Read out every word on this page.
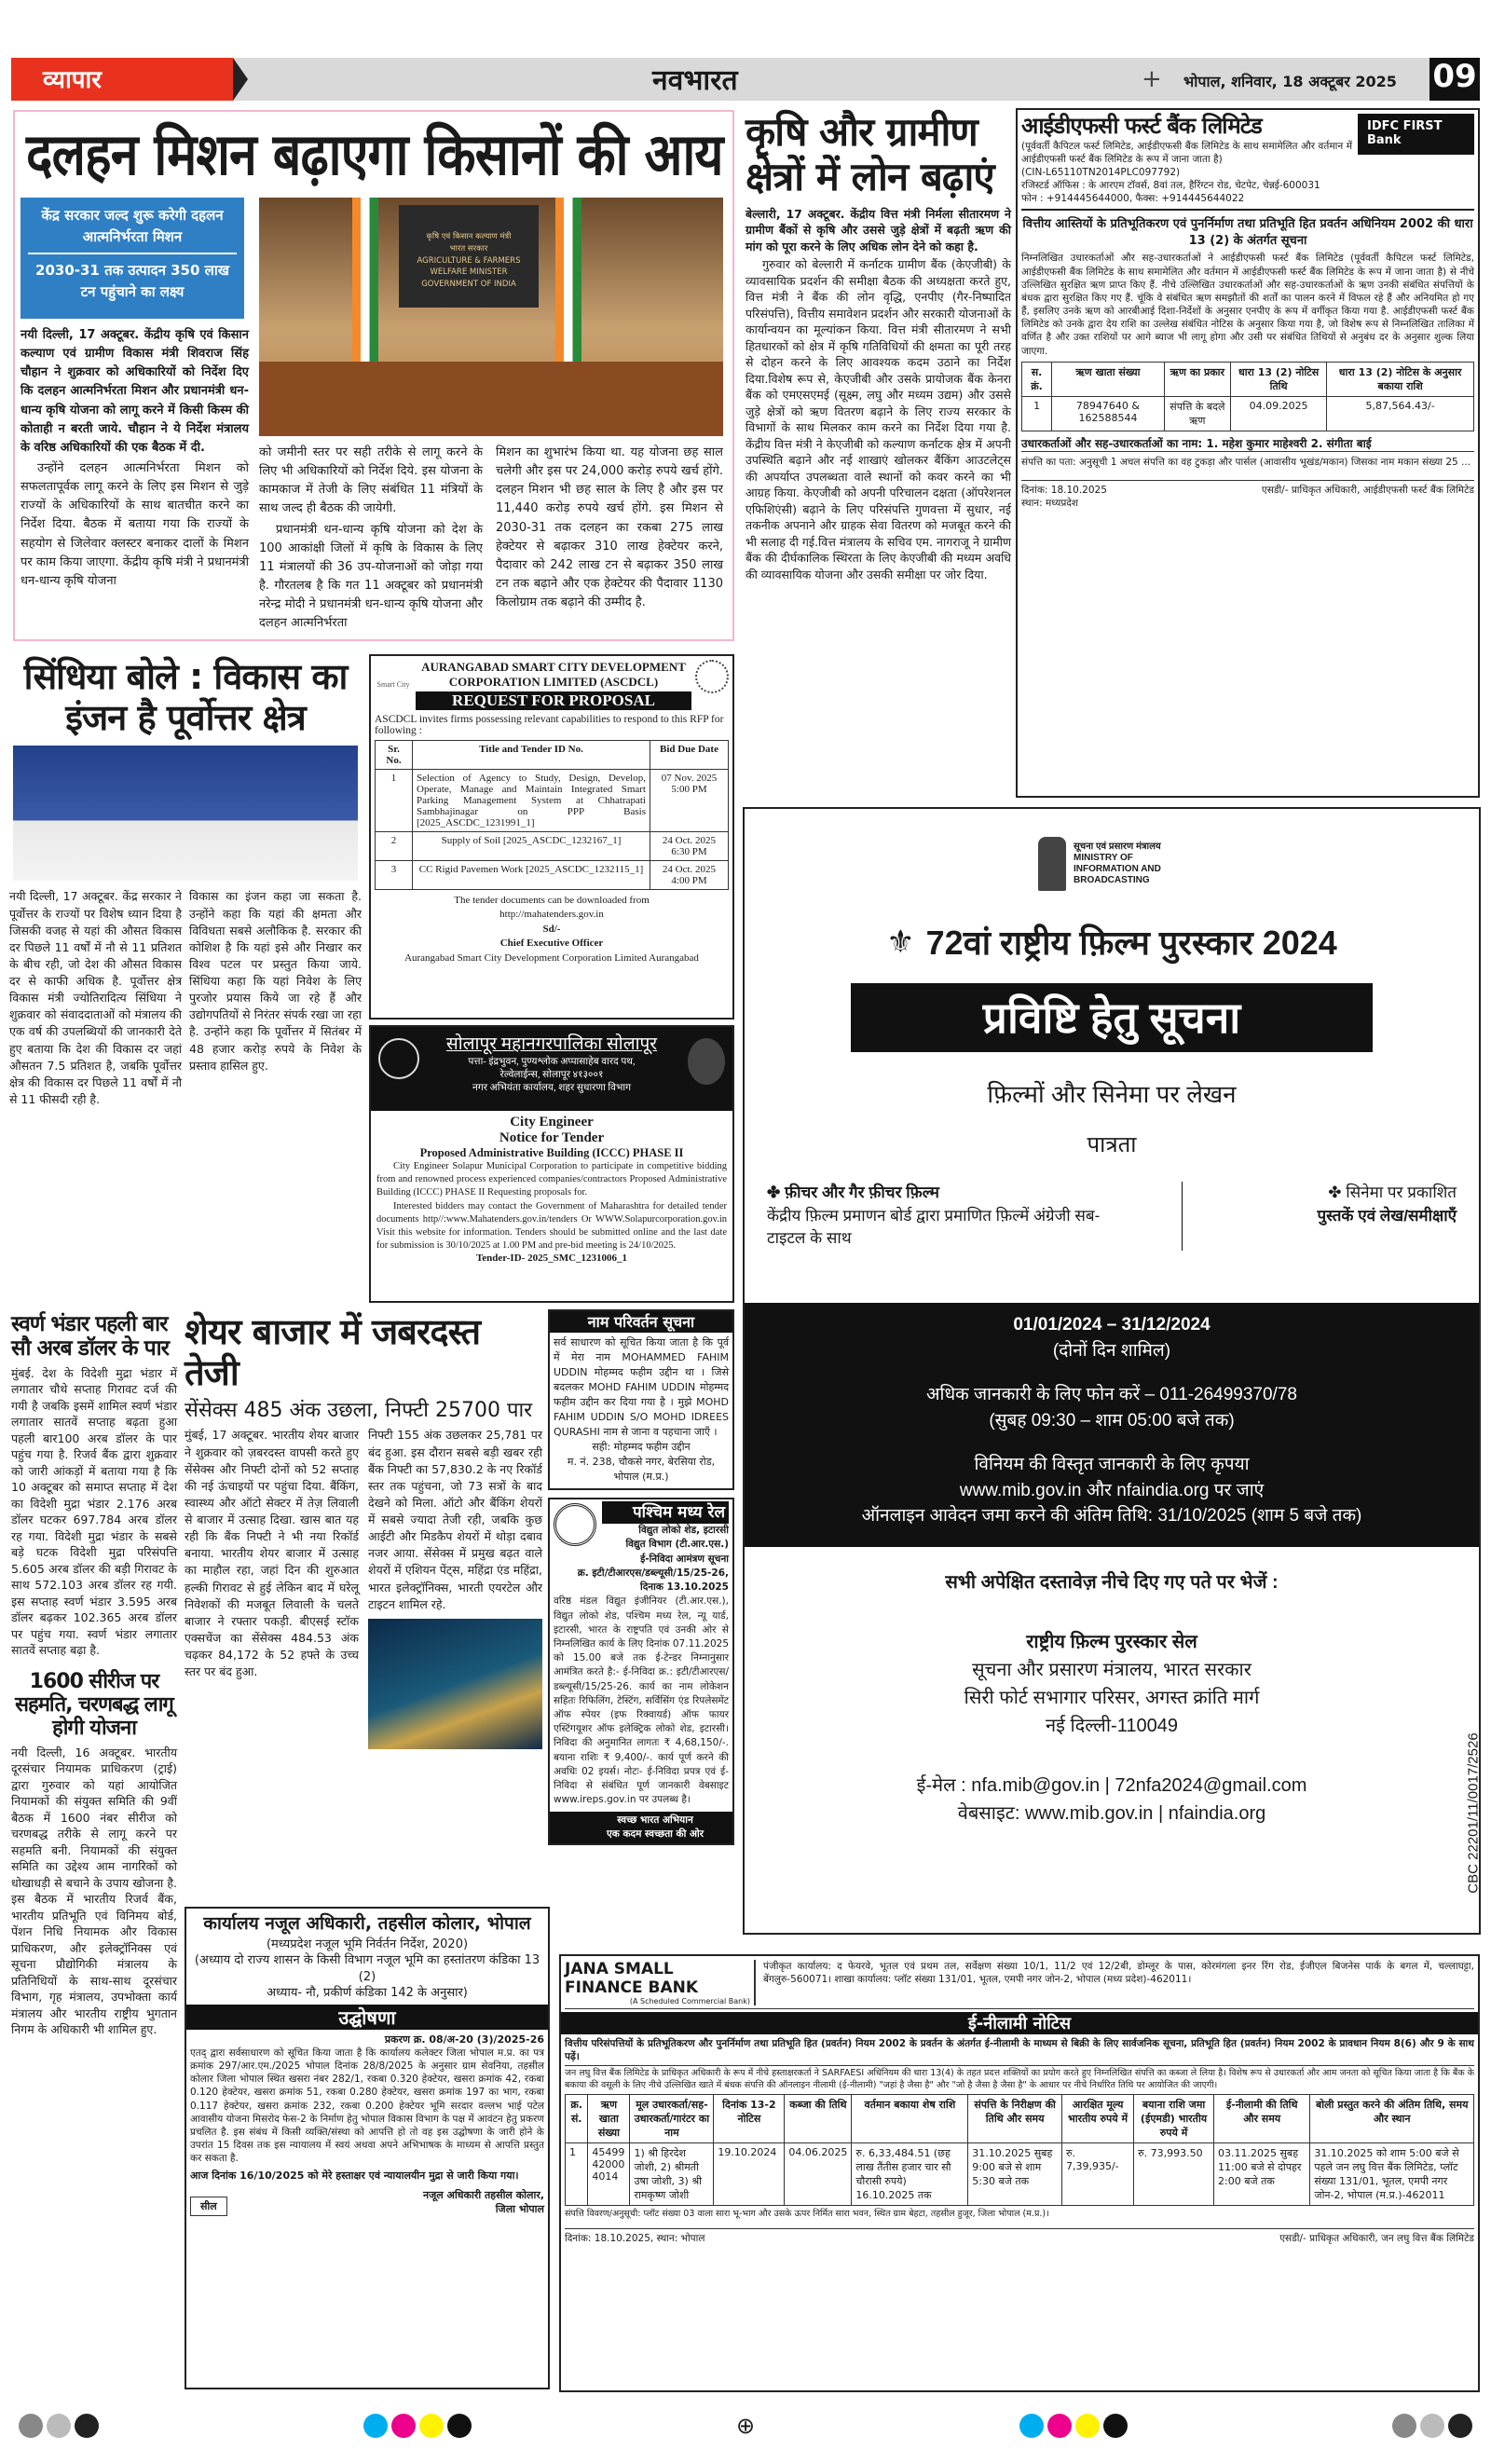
व्यापार	नवभारत	+ भोपाल, शनिवार, 18 अक्टूबर 2025 09
दलहन मिशन बढ़ाएगा किसानों की आय
केंद्र सरकार जल्द शुरू करेगी दहलन आत्मनिर्भरता मिशन
2030-31 तक उत्पादन 350 लाख टन पहुंचाने का लक्ष्य
कृषि एवं किसान कल्याण मंत्री
भारत सरकार
AGRICULTURE & FARMERS WELFARE MINISTER
GOVERNMENT OF INDIA

नयी दिल्ली, 17 अक्टूबर. केंद्रीय कृषि एवं किसान कल्याण एवं ग्रामीण विकास मंत्री शिवराज सिंह चौहान ने शुक्रवार को अधिकारियों को निर्देश दिए कि दलहन आत्मनिर्भरता मिशन और प्रधानमंत्री धन-धान्य कृषि योजना को लागू करने में किसी किस्म की कोताही न बरती जाये. चौहान ने ये निर्देश मंत्रालय के वरिष्ठ अधिकारियों की एक बैठक में दी.

उन्होंने दलहन आत्मनिर्भरता मिशन को सफलतापूर्वक लागू करने के लिए इस मिशन से जुड़े राज्यों के अधिकारियों के साथ बातचीत करने का निर्देश दिया. बैठक में बताया गया कि राज्यों के सहयोग से जिलेवार क्लस्टर बनाकर दालों के मिशन पर काम किया जाएगा. केंद्रीय कृषि मंत्री ने प्रधानमंत्री धन-धान्य कृषि योजना

को जमीनी स्तर पर सही तरीके से लागू करने के लिए भी अधिकारियों को निर्देश दिये. इस योजना के कामकाज में तेजी के लिए संबंधित 11 मंत्रियों के साथ जल्द ही बैठक की जायेगी.

प्रधानमंत्री धन-धान्य कृषि योजना को देश के 100 आकांक्षी जिलों में कृषि के विकास के लिए 11 मंत्रालयों की 36 उप-योजनाओं को जोड़ा गया है. गौरतलब है कि गत 11 अक्टूबर को प्रधानमंत्री नरेन्द्र मोदी ने प्रधानमंत्री धन-धान्य कृषि योजना और दलहन आत्मनिर्भरता

मिशन का शुभारंभ किया था. यह योजना छह साल चलेगी और इस पर 24,000 करोड़ रुपये खर्च होंगे. दलहन मिशन भी छह साल के लिए है और इस पर 11,440 करोड़ रुपये खर्च होंगे. इस मिशन से 2030-31 तक दलहन का रकबा 275 लाख हेक्टेयर से बढ़ाकर 310 लाख हेक्टेयर करने, पैदावार को 242 लाख टन से बढ़ाकर 350 लाख टन तक बढ़ाने और एक हेक्टेयर की पैदावार 1130 किलोग्राम तक बढ़ाने की उम्मीद है.

कृषि और ग्रामीण क्षेत्रों में लोन बढ़ाएं

बेल्लारी, 17 अक्टूबर. केंद्रीय वित्त मंत्री निर्मला सीतारमण ने ग्रामीण बैंकों से कृषि और उससे जुड़े क्षेत्रों में बढ़ती ऋण की मांग को पूरा करने के लिए अधिक लोन देने को कहा है.

गुरुवार को बेल्लारी में कर्नाटक ग्रामीण बैंक (केएजीबी) के व्यावसायिक प्रदर्शन की समीक्षा बैठक की अध्यक्षता करते हुए, वित्त मंत्री ने बैंक की लोन वृद्धि, एनपीए (गैर-निष्पादित परिसंपत्ति), वित्तीय समावेशन प्रदर्शन और सरकारी योजनाओं के कार्यान्वयन का मूल्यांकन किया. वित्त मंत्री सीतारमण ने सभी हितधारकों को क्षेत्र में कृषि गतिविधियों की क्षमता का पूरी तरह से दोहन करने के लिए आवश्यक कदम उठाने का निर्देश दिया.विशेष रूप से, केएजीबी और उसके प्रायोजक बैंक केनरा बैंक को एमएसएमई (सूक्ष्म, लघु और मध्यम उद्यम) और उससे जुड़े क्षेत्रों को ऋण वितरण बढ़ाने के लिए राज्य सरकार के विभागों के साथ मिलकर काम करने का निर्देश दिया गया है. केंद्रीय वित्त मंत्री ने केएजीबी को कल्याण कर्नाटक क्षेत्र में अपनी उपस्थिति बढ़ाने और नई शाखाएं खोलकर बैंकिंग आउटलेट्स की अपर्याप्त उपलब्धता वाले स्थानों को कवर करने का भी आग्रह किया. केएजीबी को अपनी परिचालन दक्षता (ऑपरेशनल एफिशिएंसी) बढ़ाने के लिए परिसंपत्ति गुणवत्ता में सुधार, नई तकनीक अपनाने और ग्राहक सेवा वितरण को मजबूत करने की भी सलाह दी गई.वित्त मंत्रालय के सचिव एम. नागराजू ने ग्रामीण बैंक की दीर्घकालिक स्थिरता के लिए केएजीबी की मध्यम अवधि की व्यावसायिक योजना और उसकी समीक्षा पर जोर दिया.

आईडीएफसी फर्स्ट बैंक लिमिटेड
(पूर्ववर्ती कैपिटल फर्स्ट लिमिटेड, आईडीएफसी बैंक लिमिटेड के साथ समामेलित और वर्तमान में आईडीएफसी फर्स्ट बैंक लिमिटेड के रूप में जाना जाता है)
(CIN-L65110TN2014PLC097792)
रजिस्टर्ड ऑफिस : के आरएम टॉवर्स, 8वां तल, हैरिंग्टन रोड, चेटपेट, चेन्नई-600031
फोन : +914445644000, फैक्स: +914445644022
IDFC FIRST Bank
वित्तीय आस्तियों के प्रतिभूतिकरण एवं पुनर्निर्माण तथा प्रतिभूति हित प्रवर्तन अधिनियम 2002 की धारा 13 (2) के अंतर्गत सूचना
निम्नलिखित उधारकर्ताओं और सह-उधारकर्ताओं ने आईडीएफसी फर्स्ट बैंक लिमिटेड (पूर्ववर्ती कैपिटल फर्स्ट लिमिटेड, आईडीएफसी बैंक लिमिटेड के साथ समामेलित और वर्तमान में आईडीएफसी फर्स्ट बैंक लिमिटेड के रूप में जाना जाता है) से नीचे उल्लिखित सुरक्षित ऋण प्राप्त किए हैं. नीचे उल्लिखित उधारकर्ताओं और सह-उधारकर्ताओं के ऋण उनकी संबंधित संपत्तियों के बंधक द्वारा सुरक्षित किए गए हैं. चूंकि वे संबंधित ऋण समझौतों की शर्तों का पालन करने में विफल रहे हैं और अनियमित हो गए हैं, इसलिए उनके ऋण को आरबीआई दिशा-निर्देशों के अनुसार एनपीए के रूप में वर्गीकृत किया गया है. आईडीएफसी फर्स्ट बैंक लिमिटेड को उनके द्वारा देय राशि का उल्लेख संबंधित नोटिस के अनुसार किया गया है, जो विशेष रूप से निम्नलिखित तालिका में वर्णित है और उक्त राशियों पर आगे ब्याज भी लागू होगा और उसी पर संबंधित तिथियों से अनुबंध दर के अनुसार शुल्क लिया जाएगा.
स. क्रं.	ऋण खाता संख्या	ऋण का प्रकार	धारा 13 (2) नोटिस तिथि	धारा 13 (2) नोटिस के अनुसार बकाया राशि
1	78947640 & 162588544	संपत्ति के बदले ऋण	04.09.2025	5,87,564.43/-
उधारकर्ताओं और सह-उधारकर्ताओं का नाम: 1. महेश कुमार माहेश्वरी 2. संगीता बाई
संपत्ति का पता: अनुसूची 1 अचल संपत्ति का वह टुकड़ा और पार्सल (आवासीय भूखंड/मकान) जिसका नाम मकान संख्या 25 ...
दिनांक: 18.10.2025
स्थान: मध्यप्रदेश
एसडी/- प्राधिकृत अधिकारी, आईडीएफसी फर्स्ट बैंक लिमिटेड
सिंधिया बोले : विकास का इंजन है पूर्वोत्तर क्षेत्र
नयी दिल्ली, 17 अक्टूबर. केंद्र सरकार ने पूर्वोत्तर के राज्यों पर विशेष ध्यान दिया है जिसकी वजह से यहां की औसत विकास दर पिछले 11 वर्षों में नौ से 11 प्रतिशत के बीच रही, जो देश की औसत विकास दर से काफी अधिक है. पूर्वोत्तर क्षेत्र विकास मंत्री ज्योतिरादित्य सिंधिया ने शुक्रवार को संवाददाताओं को मंत्रालय की एक वर्ष की उपलब्धियों की जानकारी देते हुए बताया कि देश की विकास दर जहां औसतन 7.5 प्रतिशत है, जबकि पूर्वोत्तर क्षेत्र की विकास दर पिछले 11 वर्षों में नौ से 11 फीसदी रही है.
विकास का इंजन कहा जा सकता है. उन्होंने कहा कि यहां की क्षमता और विविधता सबसे अलौकिक है. सरकार की कोशिश है कि यहां इसे और निखार कर विश्व पटल पर प्रस्तुत किया जाये. सिंधिया कहा कि यहां निवेश के लिए पुरजोर प्रयास किये जा रहे हैं और उद्योगपतियों से निरंतर संपर्क रखा जा रहा है. उन्होंने कहा कि पूर्वोत्तर में सितंबर में 48 हजार करोड़ रुपये के निवेश के प्रस्ताव हासिल हुए.
Smart City
AURANGABAD SMART CITY DEVELOPMENT CORPORATION LIMITED (ASCDCL)
REQUEST FOR PROPOSAL
ASCDCL invites firms possessing relevant capabilities to respond to this RFP for following :
Sr. No.	Title and Tender ID No.	Bid Due Date
1	Selection of Agency to Study, Design, Develop, Operate, Manage and Maintain Integrated Smart Parking Management System at Chhatrapati Sambhajinagar on PPP Basis [2025_ASCDC_1231991_1]	07 Nov. 2025 5:00 PM
2	Supply of Soil [2025_ASCDC_1232167_1]	24 Oct. 2025 6:30 PM
3	CC Rigid Pavemen Work [2025_ASCDC_1232115_1]	24 Oct. 2025 4:00 PM
The tender documents can be downloaded from
http://mahatenders.gov.in
Sd/-
Chief Executive Officer
Aurangabad Smart City Development Corporation Limited Aurangabad
सोलापूर महानगरपालिका सोलापूर
पत्ता- इंद्रभुवन, पुण्यश्लोक अप्पासाहेब वारद पथ,
रेल्वेलाईन्स, सोलापूर ४१३००१
नगर अभियंता कार्यालय, शहर सुधारणा विभाग
City Engineer
Notice for Tender
Proposed Administrative Building (ICCC) PHASE II
City Engineer Solapur Municipal Corporation to participate in competitive bidding from and renowned process experienced companies/contractors Proposed Administrative Building (ICCC) PHASE II Requesting proposals for.
Interested bidders may contact the Government of Maharashtra for detailed tender documents http//:www.Mahatenders.gov.in/tenders Or WWW.Solapurcorporation.gov.in Visit this website for information. Tenders should be submitted online and the last date for submission is 30/10/2025 at 1.00 PM and pre-bid meeting is 24/10/2025.
Tender-ID- 2025_SMC_1231006_1
सूचना एवं प्रसारण मंत्रालय
MINISTRY OF INFORMATION AND BROADCASTING
⚜ 72वां राष्ट्रीय फ़िल्म पुरस्कार 2024
प्रविष्टि हेतु सूचना
फ़िल्मों और सिनेमा पर लेखन
पात्रता
✤ फ़ीचर और गैर फ़ीचर फ़िल्म
केंद्रीय फ़िल्म प्रमाणन बोर्ड द्वारा प्रमाणित फ़िल्में अंग्रेजी सब-टाइटल के साथ
✤ सिनेमा पर प्रकाशित
पुस्तकें एवं लेख/समीक्षाएँ
01/01/2024 – 31/12/2024
(दोनों दिन शामिल)
अधिक जानकारी के लिए फोन करें – 011-26499370/78
(सुबह 09:30 – शाम 05:00 बजे तक)
विनियम की विस्तृत जानकारी के लिए कृपया
www.mib.gov.in और nfaindia.org पर जाएं
ऑनलाइन आवेदन जमा करने की अंतिम तिथि: 31/10/2025 (शाम 5 बजे तक)
सभी अपेक्षित दस्तावेज़ नीचे दिए गए पते पर भेजें :
राष्ट्रीय फ़िल्म पुरस्कार सेल
सूचना और प्रसारण मंत्रालय, भारत सरकार
सिरी फोर्ट सभागार परिसर, अगस्त क्रांति मार्ग
नई दिल्ली-110049
ई-मेल : nfa.mib@gov.in | 72nfa2024@gmail.com
वेबसाइट: www.mib.gov.in | nfaindia.org	CBC 22201/11/0017/2526
स्वर्ण भंडार पहली बार सौ अरब डॉलर के पार
मुंबई. देश के विदेशी मुद्रा भंडार में लगातार चौथे सप्ताह गिरावट दर्ज की गयी है जबकि इसमें शामिल स्वर्ण भंडार लगातार सातवें सप्ताह बढ़ता हुआ पहली बार100 अरब डॉलर के पार पहुंच गया है. रिजर्व बैंक द्वारा शुक्रवार को जारी आंकड़ों में बताया गया है कि 10 अक्टूबर को समाप्त सप्ताह में देश का विदेशी मुद्रा भंडार 2.176 अरब डॉलर घटकर 697.784 अरब डॉलर रह गया. विदेशी मुद्रा भंडार के सबसे बड़े घटक विदेशी मुद्रा परिसंपत्ति 5.605 अरब डॉलर की बड़ी गिरावट के साथ 572.103 अरब डॉलर रह गयी. इस सप्ताह स्वर्ण भंडार 3.595 अरब डॉलर बढ़कर 102.365 अरब डॉलर पर पहुंच गया. स्वर्ण भंडार लगातार सातवें सप्ताह बढ़ा है.
1600 सीरीज पर सहमति, चरणबद्ध लागू होगी योजना
नयी दिल्ली, 16 अक्टूबर. भारतीय दूरसंचार नियामक प्राधिकरण (ट्राई) द्वारा गुरुवार को यहां आयोजित नियामकों की संयुक्त समिति की 9वीं बैठक में 1600 नंबर सीरीज को चरणबद्ध तरीके से लागू करने पर सहमति बनी. नियामकों की संयुक्त समिति का उद्देश्य आम नागरिकों को धोखाधड़ी से बचाने के उपाय खोजना है. इस बैठक में भारतीय रिजर्व बैंक, भारतीय प्रतिभूति एवं विनिमय बोर्ड, पेंशन निधि नियामक और विकास प्राधिकरण, और इलेक्ट्रॉनिक्स एवं सूचना प्रौद्योगिकी मंत्रालय के प्रतिनिधियों के साथ-साथ दूरसंचार विभाग, गृह मंत्रालय, उपभोक्ता कार्य मंत्रालय और भारतीय राष्ट्रीय भुगतान निगम के अधिकारी भी शामिल हुए.
शेयर बाजार में जबरदस्त तेजी
सेंसेक्स 485 अंक उछला, निफ्टी 25700 पार
मुंबई, 17 अक्टूबर. भारतीय शेयर बाजार ने शुक्रवार को ज़बरदस्त वापसी करते हुए सेंसेक्स और निफ्टी दोनों को 52 सप्ताह की नई ऊंचाइयों पर पहुंचा दिया. बैंकिंग, स्वास्थ्य और ऑटो सेक्टर में तेज़ लिवाली से बाजार में उत्साह दिखा. खास बात यह रही कि बैंक निफ्टी ने भी नया रिकॉर्ड बनाया. भारतीय शेयर बाजार में उत्साह का माहौल रहा, जहां दिन की शुरुआत हल्की गिरावट से हुई लेकिन बाद में घरेलू निवेशकों की मजबूत लिवाली के चलते बाजार ने रफ्तार पकड़ी. बीएसई स्टॉक एक्सचेंज का सेंसेक्स 484.53 अंक चढ़कर 84,172 के 52 हफ्ते के उच्च स्तर पर बंद हुआ.
निफ्टी 155 अंक उछलकर 25,781 पर बंद हुआ. इस दौरान सबसे बड़ी खबर रही बैंक निफ्टी का 57,830.2 के नए रिकॉर्ड स्तर तक पहुंचना, जो 73 सत्रों के बाद देखने को मिला. ऑटो और बैंकिंग शेयरों में सबसे ज्यादा तेजी रही, जबकि कुछ आईटी और मिडकैप शेयरों में थोड़ा दबाव नजर आया. सेंसेक्स में प्रमुख बढ़त वाले शेयरों में एशियन पेंट्स, महिंद्रा एंड महिंद्रा, भारत इलेक्ट्रॉनिक्स, भारती एयरटेल और टाइटन शामिल रहे.
नाम परिवर्तन सूचना
सर्व साधारण को सूचित किया जाता है कि पूर्व में मेरा नाम MOHAMMED FAHIM UDDIN मोहम्मद फहीम उद्दीन था । जिसे बदलकर MOHD FAHIM UDDIN मोहम्मद फहीम उद्दीन कर दिया गया है । मुझे MOHD FAHIM UDDIN S/O MOHD IDREES QURASHI नाम से जाना व पहचाना जाएँ ।
सही: मोहम्मद फहीम उद्दीन
म. नं. 238, चौकसे नगर, बेरसिया रोड, भोपाल (म.प्र.)
पश्चिम मध्य रेल
विद्युत लोको शेड, इटारसी
विद्युत विभाग (टी.आर.एस.)
ई-निविदा आमंत्रण सूचना
क्र. इटी/टीआरएस/डब्ल्यूसी/15/25-26, दिनाक 13.10.2025
वरिष्ठ मंडल विद्युत इंजीनियर (टी.आर.एस.), विद्युत लोको शेड, पश्चिम मध्य रेल, न्यू यार्ड, इटारसी, भारत के राष्ट्रपति एवं उनकी ओर से निम्नलिखित कार्य के लिए दिनांक 07.11.2025 को 15.00 बजे तक ई-टेन्डर निम्नानुसार आमंत्रित करते है:- ई-निविदा क्र.: इटी/टीआरएस/डब्ल्यूसी/15/25-26. कार्य का नाम लोकेशन सहितः रिफिलिंग, टेस्टिंग, सर्विसिंग एंड रिपलेसमेंट ऑफ स्पेयर (इफ रिक्वायर्ड) ऑफ फायर एस्टिंगयूशर ऑफ इलेक्ट्रिक लोको शेड, इटारसी। निविदा की अनुमानित लागतः ₹ 4,68,150/-. बयाना राशिः ₹ 9,400/-. कार्य पूर्ण करने की अवधिः 02 इयर्स। नोटः- ई-निविदा प्रपत्र एवं ई-निविदा से संबंधित पूर्ण जानकारी वेबसाइट www.ireps.gov.in पर उपलब्ध है।
स्वच्छ भारत अभियान
एक कदम स्वच्छता की ओर
कार्यालय नजूल अधिकारी, तहसील कोलार, भोपाल
(मध्यप्रदेश नजूल भूमि निर्वर्तन निर्देश, 2020)
(अध्याय दो राज्य शासन के किसी विभाग नजूल भूमि का हस्तांतरण कंडिका 13 (2)
अध्याय- नौ, प्रकीर्ण कंडिका 142 के अनुसार)
उद्घोषणा
प्रकरण क्र. 08/अ-20 (3)/2025-26
एतद् द्वारा सर्वसाधारण को सूचित किया जाता है कि कार्यालय कलेक्टर जिला भोपाल म.प्र. का पत्र क्रमांक 297/आर.एम./2025 भोपाल दिनांक 28/8/2025 के अनुसार ग्राम सेवनिया, तहसील कोलार जिला भोपाल स्थित खसरा नंबर 282/1, रकबा 0.320 हेक्टेयर, खसरा क्रमांक 42, रकबा 0.120 हेक्टेयर, खसरा क्रमांक 51, रकबा 0.280 हेक्टेयर, खसरा क्रमांक 197 का भाग, रकबा 0.117 हेक्टेयर, खसरा क्रमांक 232, रकबा 0.200 हेक्टेयर भूमि सरदार वल्लभ भाई पटेल आवासीय योजना मिसरोद फेस-2 के निर्माण हेतु भोपाल विकास विभाग के पक्ष में आवंटन हेतु प्रकरण प्रचलित है. इस संबंध में किसी व्यक्ति/संस्था को आपत्ति हो तो वह इस उद्घोषणा के जारी होने के उपरांत 15 दिवस तक इस न्यायालय में स्वयं अथवा अपने अभिभाषक के माध्यम से आपत्ति प्रस्तुत कर सकता है.
आज दिनांक 16/10/2025 को मेरे हस्ताक्षर एवं न्यायालयीन मुद्रा से जारी किया गया।
सील
नजूल अधिकारी तहसील कोलार, जिला भोपाल
JANA SMALL FINANCE BANK
(A Scheduled Commercial Bank)
पंजीकृत कार्यालय: द फेयरवे, भूतल एवं प्रथम तल, सर्वेक्षण संख्या 10/1, 11/2 एवं 12/2बी, डोम्लूर के पास, कोरमंगला इनर रिंग रोड, ईजीएल बिजनेस पार्क के बगल में, चल्लाघट्टा, बेंगलुरु-560071। शाखा कार्यालय: प्लॉट संख्या 131/01, भूतल, एमपी नगर जोन-2, भोपाल (मध्य प्रदेश)-462011।
ई-नीलामी नोटिस
वित्तीय परिसंपत्तियों के प्रतिभूतिकरण और पुनर्निर्माण तथा प्रतिभूति हित (प्रवर्तन) नियम 2002 के प्रवर्तन के अंतर्गत ई-नीलामी के माध्यम से बिक्री के लिए सार्वजनिक सूचना, प्रतिभूति हित (प्रवर्तन) नियम 2002 के प्रावधान नियम 8(6) और 9 के साथ पढ़ें।
जन लघु वित्त बैंक लिमिटेड के प्राधिकृत अधिकारी के रूप में नीचे हस्ताक्षरकर्ता ने SARFAESI अधिनियम की धारा 13(4) के तहत प्रदत्त शक्तियों का प्रयोग करते हुए निम्नलिखित संपत्ति का कब्जा ले लिया है। विशेष रूप से उधारकर्ता और आम जनता को सूचित किया जाता है कि बैंक के बकाया की वसूली के लिए नीचे उल्लिखित खाते में बंधक संपत्ति की ऑनलाइन नीलामी (ई-नीलामी) "जहां है जैसा है" और "जो है जैसा है जैसा है" के आधार पर नीचे निर्धारित तिथि पर आयोजित की जाएगी।
क्र. सं.	ऋण खाता संख्या	मूल उधारकर्ता/सह-उधारकर्ता/गारंटर का नाम	दिनांक 13-2 नोटिस	कब्जा की तिथि	वर्तमान बकाया शेष राशि	संपत्ति के निरीक्षण की तिथि और समय	आरक्षित मूल्य भारतीय रुपये में	बयाना राशि जमा (ईएमडी) भारतीय रुपये में	ई-नीलामी की तिथि और समय	बोली प्रस्तुत करने की अंतिम तिथि, समय और स्थान
1	45499420004014	1) श्री हिरदेश जोशी, 2) श्रीमती उषा जोशी, 3) श्री रामकृष्ण जोशी	19.10.2024	04.06.2025	रु. 6,33,484.51 (छह लाख तैंतीस हजार चार सौ चौरासी रुपये) 16.10.2025 तक	31.10.2025 सुबह 9:00 बजे से शाम 5:30 बजे तक	रु. 7,39,935/-	रु. 73,993.50	03.11.2025 सुबह 11:00 बजे से दोपहर 2:00 बजे तक	31.10.2025 को शाम 5:00 बजे से पहले जन लघु वित्त बैंक लिमिटेड, प्लॉट संख्या 131/01, भूतल, एमपी नगर जोन-2, भोपाल (म.प्र.)-462011
संपत्ति विवरण/अनुसूची: प्लॉट संख्या 03 वाला सारा भू-भाग और उसके ऊपर निर्मित सारा भवन, स्थित ग्राम बेहटा, तहसील हुजूर, जिला भोपाल (म.प्र.)।
दिनांक: 18.10.2025, स्थान: भोपाल	एसडी/- प्राधिकृत अधिकारी, जन लघु वित्त बैंक लिमिटेड
⊕
